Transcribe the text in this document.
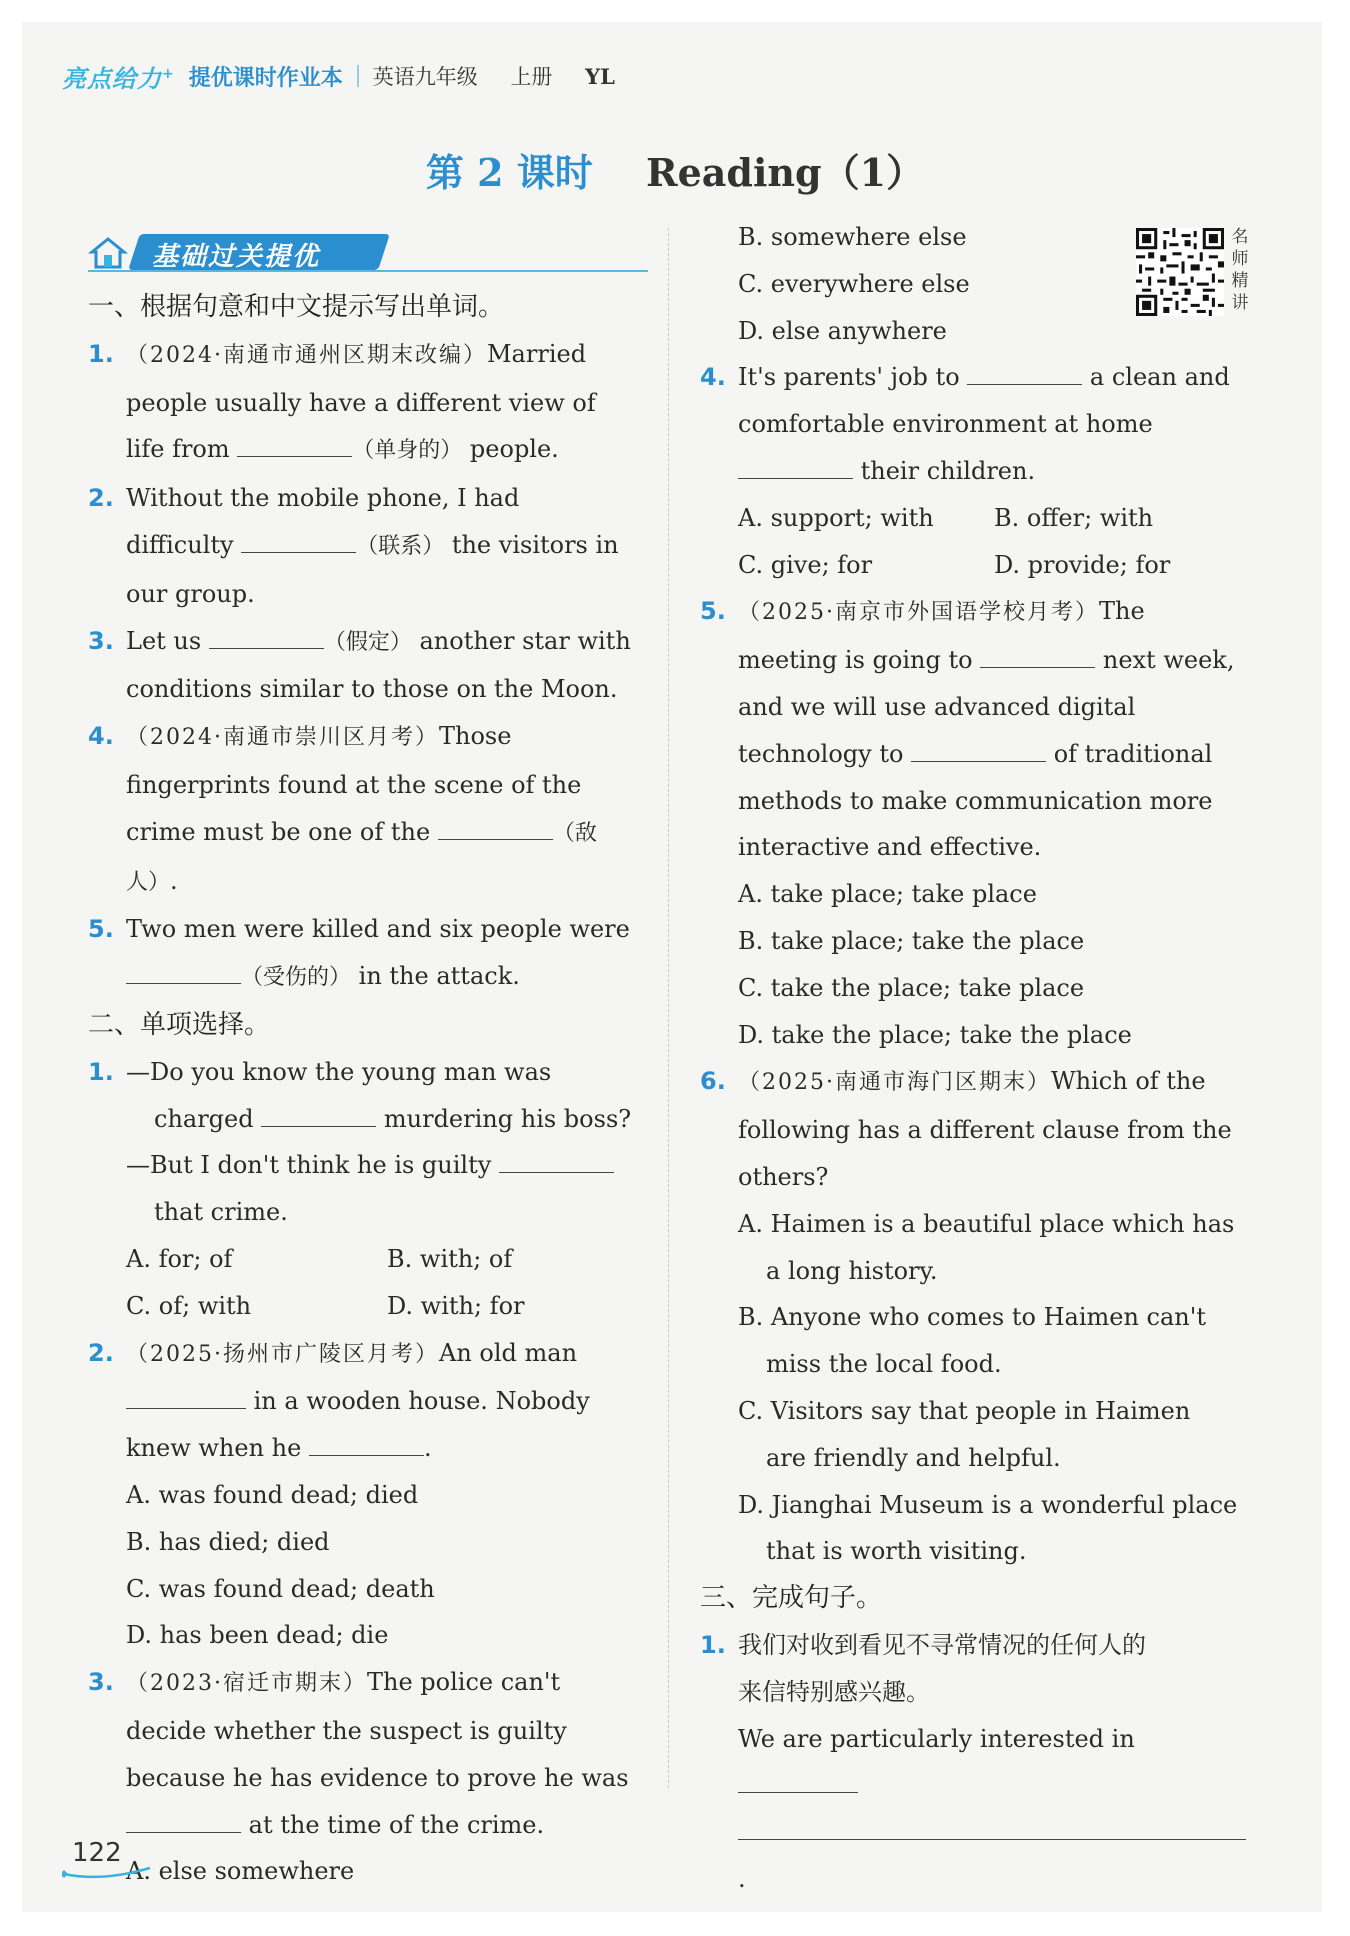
亮点给力+ 提优课时作业本 英语九年级 上册 YL
第 2 课时 Reading（1）
基础过关提优
一、根据句意和中文提示写出单词。
1. （2024·南通市通州区期末改编）Married
people usually have a different view of
life from	（单身的） people.
2. Without the mobile phone, I had
difficulty	（联系） the visitors in
our group.
3. Let us	（假定） another star with
conditions similar to those on the Moon.
4. （2024·南通市崇川区月考）Those
fingerprints found at the scene of the
crime must be one of the	（敌人）.
5. Two men were killed and six people were
（受伤的） in the attack.
二、单项选择。
1. —Do you know the young man was
charged	murdering his boss?
—But I don't think he is guilty
that crime.
A. for; of	B. with; of
C. of; with	D. with; for
2. （2025·扬州市广陵区月考）An old man
in a wooden house. Nobody
knew when he	.
A. was found dead; died
B. has died; died
C. was found dead; death
D. has been dead; die
3. （2023·宿迁市期末）The police can't
decide whether the suspect is guilty
because he has evidence to prove he was
at the time of the crime.
A. else somewhere
B. somewhere else
C. everywhere else
D. else anywhere
4. It's parents' job to	a clean and
comfortable environment at home
their children.
A. support; with	B. offer; with
C. give; for	D. provide; for
5. （2025·南京市外国语学校月考）The
meeting is going to	next week,
and we will use advanced digital
technology to	of traditional
methods to make communication more
interactive and effective.
A. take place; take place
B. take place; take the place
C. take the place; take place
D. take the place; take the place
6. （2025·南通市海门区期末）Which of the
following has a different clause from the
others?
A. Haimen is a beautiful place which has
a long history.
B. Anyone who comes to Haimen can't
miss the local food.
C. Visitors say that people in Haimen
are friendly and helpful.
D. Jianghai Museum is a wonderful place
that is worth visiting.
三、完成句子。
1. 我们对收到看见不寻常情况的任何人的
来信特别感兴趣。
We are particularly interested in
.
名
师
精
讲
122
